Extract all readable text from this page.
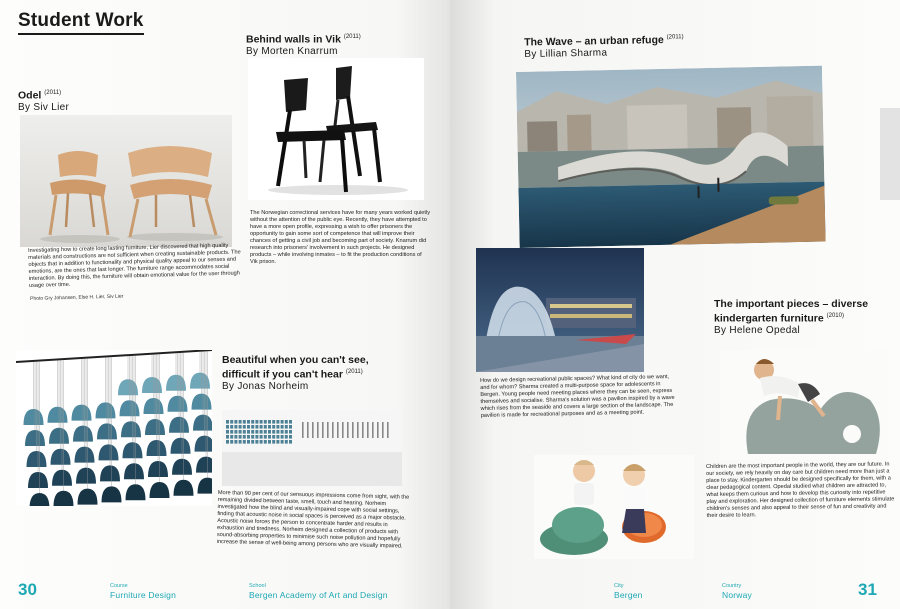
Student Work
Odel $^{(2011)}$
By Siv Lier
Investigating how to create long lasting furniture, Lier discovered that high quality materials and constructions are not sufficient when creating sustainable products. The objects that in addition to functionality and physical quality appeal to our senses and emotions, are the ones that last longer. The furniture range accommodates social interaction. By doing this, the furniture will obtain emotional value for the user through usage over time.
Photo Gry Johansen, Else H. Lier, Siv Lier
Behind walls in Vik $^{(2011)}$
By Morten Knarrum
The Norwegian correctional services have for many years worked quietly without the attention of the public eye. Recently, they have attempted to have a more open profile, expressing a wish to offer prisoners the opportunity to gain some sort of competence that will improve their chances of getting a civil job and becoming part of society. Knarrum did research into prisoners' involvement in such projects. He designed products – while involving inmates – to fit the production conditions of Vik prison.
Beautiful when you can't see,
difficult if you can't hear $^{(2011)}$
By Jonas Norheim
More than 90 per cent of our sensuous impressions come from sight, with the remaining divided between taste, smell, touch and hearing. Norheim investigated how the blind and visually-impaired cope with social settings, finding that acoustic noise in social spaces is perceived as a major obstacle. Acoustic noise forces the person to concentrate harder and results in exhaustion and tiredness. Norheim designed a collection of products with sound-absorbing properties to minimise such noise pollution and hopefully increase the sense of well-being among persons who are visually impaired.
30	Course
Furniture Design
School
Bergen Academy of Art and Design
The Wave – an urban refuge $^{(2011)}$
By Lillian Sharma
How do we design recreational public spaces? What kind of city do we want, and for whom? Sharma created a multi-purpose space for adolescents in Bergen. Young people need meeting places where they can be seen, express themselves and socialise. Sharma's solution was a pavilion inspired by a wave which rises from the seaside and covers a large section of the landscape. The pavilion is made for recreational purposes and as a meeting point.
The important pieces – diverse
kindergarten furniture $^{(2010)}$
By Helene Opedal
Children are the most important people in the world, they are our future. In our society, we rely heavily on day care but children need more than just a place to stay. Kindergarten should be designed specifically for them, with a clear pedagogical content. Opedal studied what children are attracted to, what keeps them curious and how to develop this curiosity into repetitive play and exploration. Her designed collection of furniture elements stimulate children's senses and also appeal to their sense of fun and creativity and their desire to learn.
City
Bergen
Country
Norway	31
